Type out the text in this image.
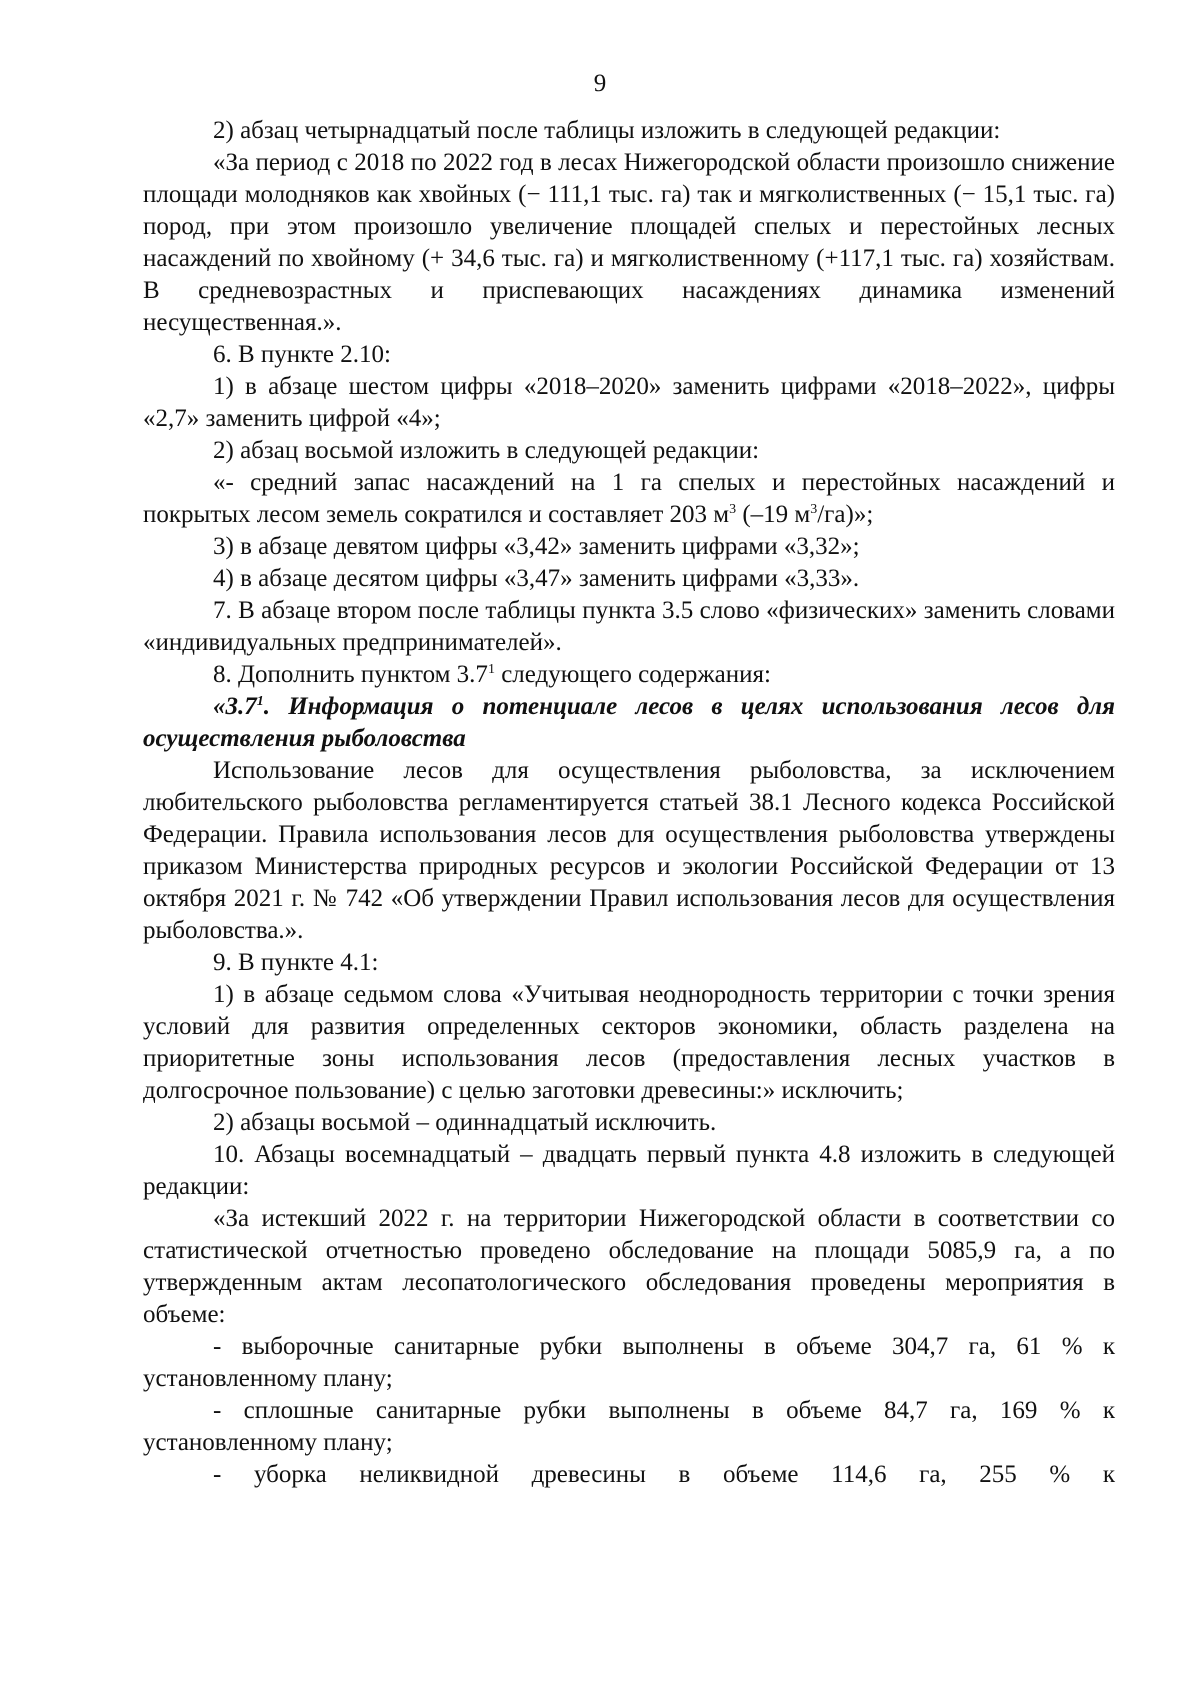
9

2) абзац четырнадцатый после таблицы изложить в следующей редакции:

«За период с 2018 по 2022 год в лесах Нижегородской области произошло снижение площади молодняков как хвойных (− 111,1 тыс. га) так и мягколиственных (− 15,1 тыс. га) пород, при этом произошло увеличение площадей спелых и перестойных лесных насаждений по хвойному (+ 34,6 тыс. га) и мягколиственному (+117,1 тыс. га) хозяйствам. В средневозрастных и приспевающих насаждениях динамика изменений несущественная.».

6. В пункте 2.10:

1) в абзаце шестом цифры «2018–2020» заменить цифрами «2018–2022», цифры «2,7» заменить цифрой «4»;

2) абзац восьмой изложить в следующей редакции:

«- средний запас насаждений на 1 га спелых и перестойных насаждений и покрытых лесом земель сократился и составляет 203 $м^3$ (–19 $м^3/га$)»;

3) в абзаце девятом цифры «3,42» заменить цифрами «3,32»;

4) в абзаце десятом цифры «3,47» заменить цифрами «3,33».

7. В абзаце втором после таблицы пункта 3.5 слово «физических» заменить словами «индивидуальных предпринимателей».

8. Дополнить пунктом $3.7^1$ следующего содержания:

«$3.7^1$. Информация о потенциале лесов в целях использования лесов для осуществления рыболовства

Использование лесов для осуществления рыболовства, за исключением любительского рыболовства регламентируется статьей 38.1 Лесного кодекса Российской Федерации. Правила использования лесов для осуществления рыболовства утверждены приказом Министерства природных ресурсов и экологии Российской Федерации от 13 октября 2021 г. № 742 «Об утверждении Правил использования лесов для осуществления рыболовства.».

9. В пункте 4.1:

1) в абзаце седьмом слова «Учитывая неоднородность территории с точки зрения условий для развития определенных секторов экономики, область разделена на приоритетные зоны использования лесов (предоставления лесных участков в долгосрочное пользование) с целью заготовки древесины:» исключить;

2) абзацы восьмой – одиннадцатый исключить.

10. Абзацы восемнадцатый – двадцать первый пункта 4.8 изложить в следующей редакции:

«За истекший 2022 г. на территории Нижегородской области в соответствии со статистической отчетностью проведено обследование на площади 5085,9 га, а по утвержденным актам лесопатологического обследования проведены мероприятия в объеме:

- выборочные санитарные рубки выполнены в объеме 304,7 га, 61 % к установленному плану;

- сплошные санитарные рубки выполнены в объеме 84,7 га, 169 % к установленному плану;

- уборка неликвидной древесины в объеме 114,6 га, 255 % к
